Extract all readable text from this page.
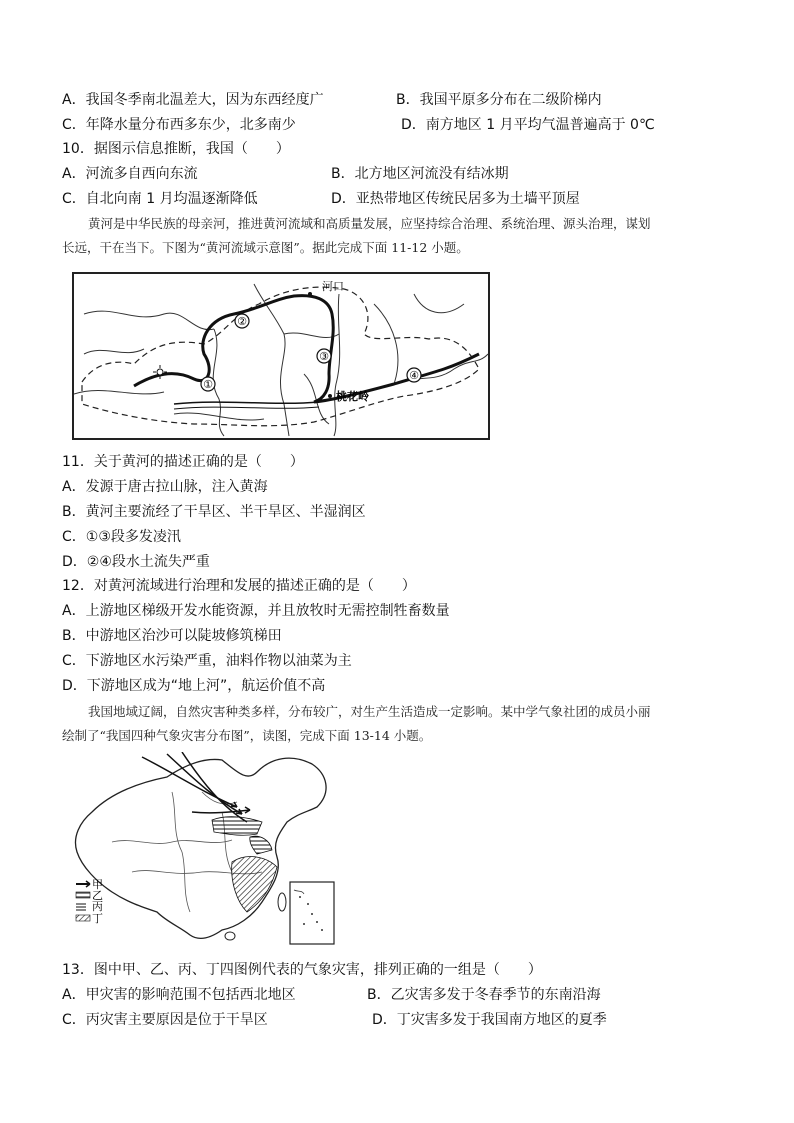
A．我国冬季南北温差大，因为东西经度广	B．我国平原多分布在二级阶梯内
C．年降水量分布西多东少，北多南少	D．南方地区 1 月平均气温普遍高于 0℃
10．据图示信息推断，我国（　　）
A．河流多自西向东流	B．北方地区河流没有结冰期
C．自北向南 1 月均温逐渐降低	D．亚热带地区传统民居多为土墙平顶屋
黄河是中华民族的母亲河，推进黄河流域和高质量发展，应坚持综合治理、系统治理、源头治理，谋划
长远，干在当下。下图为“黄河流域示意图”。据此完成下面 11-12 小题。
①
②
③
④
河口
桃花岭
11．关于黄河的描述正确的是（　　）
A．发源于唐古拉山脉，注入黄海
B．黄河主要流经了干旱区、半干旱区、半湿润区
C．①③段多发凌汛
D．②④段水土流失严重
12．对黄河流域进行治理和发展的描述正确的是（　　）
A．上游地区梯级开发水能资源，并且放牧时无需控制牲畜数量
B．中游地区治沙可以陡坡修筑梯田
C．下游地区水污染严重，油料作物以油菜为主
D．下游地区成为“地上河”，航运价值不高
我国地域辽阔，自然灾害种类多样，分布较广，对生产生活造成一定影响。某中学气象社团的成员小丽
绘制了“我国四种气象灾害分布图”，读图，完成下面 13-14 小题。
甲
乙
丙
丁
13．图中甲、乙、丙、丁四图例代表的气象灾害，排列正确的一组是（　　）
A．甲灾害的影响范围不包括西北地区	B．乙灾害多发于冬春季节的东南沿海
C．丙灾害主要原因是位于干旱区	D．丁灾害多发于我国南方地区的夏季
